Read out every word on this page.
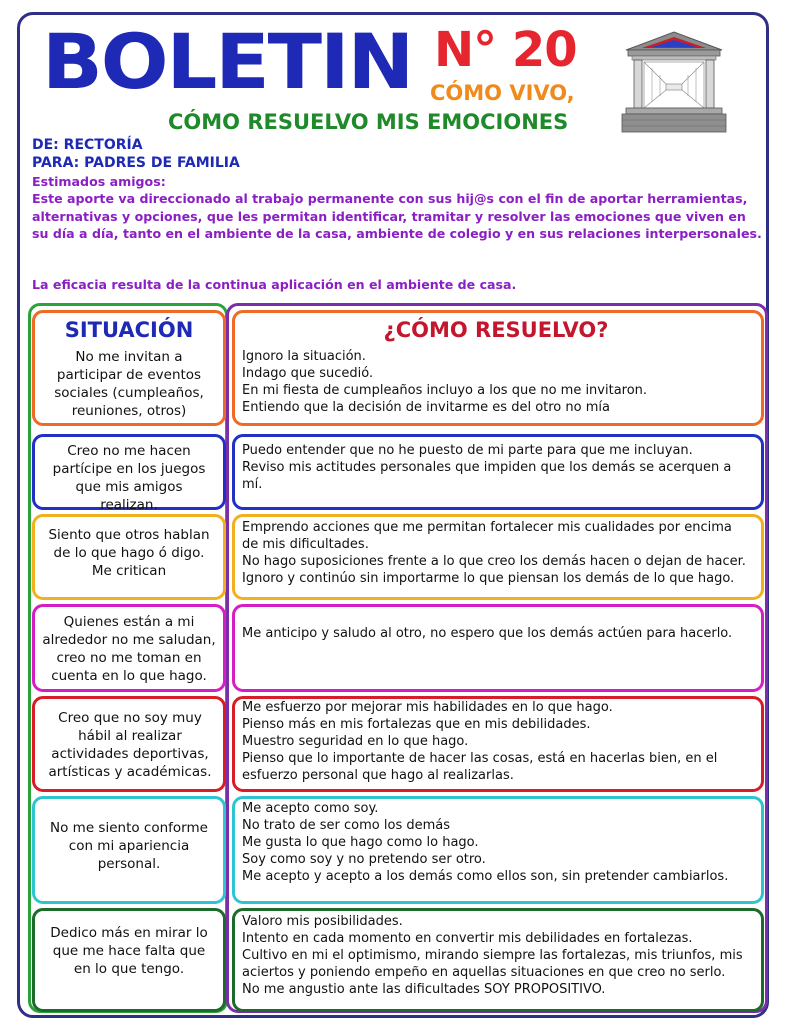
BOLETIN N° 20
CÓMO VIVO,
CÓMO RESUELVO MIS EMOCIONES
DE: RECTORÍA
PARA: PADRES DE FAMILIA
Estimados amigos:
Este aporte va direccionado al trabajo permanente con sus hij@s con el fin de aportar herramientas, alternativas y opciones, que les permitan identificar, tramitar y resolver las emociones que viven en su día a día, tanto en el ambiente de la casa, ambiente de colegio y en sus relaciones interpersonales.
La eficacia resulta de la continua aplicación en el ambiente de casa.
SITUACIÓN	¿CÓMO RESUELVO?
No me invitan a participar de eventos sociales (cumpleaños, reuniones, otros)
Ignoro la situación.
Indago que sucedió.
En mi fiesta de cumpleaños incluyo a los que no me invitaron.
Entiendo que la decisión de invitarme es del otro no mía
Creo no me hacen partícipe en los juegos que mis amigos realizan.
Puedo entender que no he puesto de mi parte para que me incluyan.
Reviso mis actitudes personales que impiden que los demás se acerquen a mí.
Siento que otros hablan de lo que hago ó digo. Me critican
Emprendo acciones que me permitan fortalecer mis cualidades por encima de mis dificultades.
No hago suposiciones frente a lo que creo los demás hacen o dejan de hacer.
Ignoro y continúo sin importarme lo que piensan los demás de lo que hago.
Quienes están a mi alrededor no me saludan, creo no me toman en cuenta en lo que hago.
Me anticipo y saludo al otro, no espero que los demás actúen para hacerlo.
Creo que no soy muy hábil al realizar actividades deportivas, artísticas y académicas.
Me esfuerzo por mejorar mis habilidades en lo que hago.
Pienso más en mis fortalezas que en mis debilidades.
Muestro seguridad en lo que hago.
Pienso que lo importante de hacer las cosas, está en hacerlas bien, en el esfuerzo personal que hago al realizarlas.
No me siento conforme con mi apariencia personal.
Me acepto como soy.
No trato de ser como los demás
Me gusta lo que hago como lo hago.
Soy como soy y no pretendo ser otro.
Me acepto y acepto a los demás como ellos son, sin pretender cambiarlos.
Dedico más en mirar lo que me hace falta que en lo que tengo.
Valoro mis posibilidades.
Intento en cada momento en convertir mis debilidades en fortalezas.
Cultivo en mi el optimismo, mirando siempre las fortalezas, mis triunfos, mis aciertos y poniendo empeño en aquellas situaciones en que creo no serlo.
No me angustio ante las dificultades SOY PROPOSITIVO.
